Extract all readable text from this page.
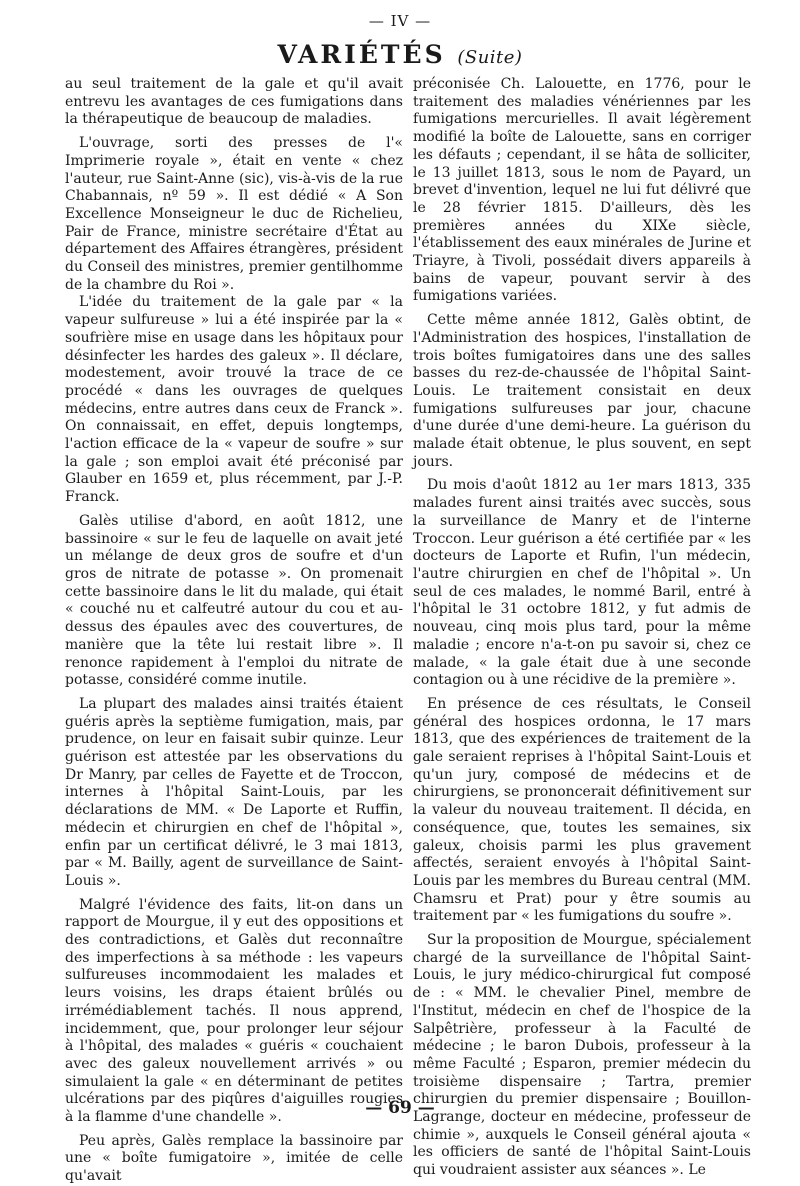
— IV —
VARIÉTÉS (Suite)

au seul traitement de la gale et qu'il avait entrevu les avantages de ces fumigations dans la thérapeutique de beaucoup de maladies.

L'ouvrage, sorti des presses de l'« Imprimerie royale », était en vente « chez l'auteur, rue Saint-Anne (sic), vis-à-vis de la rue Chabannais, nº 59 ». Il est dédié « A Son Excellence Monseigneur le duc de Richelieu, Pair de France, ministre secrétaire d'État au département des Affaires étrangères, président du Conseil des ministres, premier gentilhomme de la chambre du Roi ».

L'idée du traitement de la gale par « la vapeur sulfureuse » lui a été inspirée par la « soufrière mise en usage dans les hôpitaux pour désinfecter les hardes des galeux ». Il déclare, modestement, avoir trouvé la trace de ce procédé « dans les ouvrages de quelques médecins, entre autres dans ceux de Franck ». On connaissait, en effet, depuis longtemps, l'action efficace de la « vapeur de soufre » sur la gale ; son emploi avait été préconisé par Glauber en 1659 et, plus récemment, par J.-P. Franck.

Galès utilise d'abord, en août 1812, une bassinoire « sur le feu de laquelle on avait jeté un mélange de deux gros de soufre et d'un gros de nitrate de potasse ». On promenait cette bassinoire dans le lit du malade, qui était « couché nu et calfeutré autour du cou et au-dessus des épaules avec des couvertures, de manière que la tête lui restait libre ». Il renonce rapidement à l'emploi du nitrate de potasse, considéré comme inutile.

La plupart des malades ainsi traités étaient guéris après la septième fumigation, mais, par prudence, on leur en faisait subir quinze. Leur guérison est attestée par les observations du Dr Manry, par celles de Fayette et de Troccon, internes à l'hôpital Saint-Louis, par les déclarations de MM. « De Laporte et Ruffin, médecin et chirurgien en chef de l'hôpital », enfin par un certificat délivré, le 3 mai 1813, par « M. Bailly, agent de surveillance de Saint-Louis ».

Malgré l'évidence des faits, lit-on dans un rapport de Mourgue, il y eut des oppositions et des contradictions, et Galès dut reconnaître des imperfections à sa méthode : les vapeurs sulfureuses incommodaient les malades et leurs voisins, les draps étaient brûlés ou irrémédiablement tachés. Il nous apprend, incidemment, que, pour prolonger leur séjour à l'hôpital, des malades « guéris « couchaient avec des galeux nouvellement arrivés » ou simulaient la gale « en déterminant de petites ulcérations par des piqûres d'aiguilles rougies à la flamme d'une chandelle ».

Peu après, Galès remplace la bassinoire par une « boîte fumigatoire », imitée de celle qu'avait

préconisée Ch. Lalouette, en 1776, pour le traitement des maladies vénériennes par les fumigations mercurielles. Il avait légèrement modifié la boîte de Lalouette, sans en corriger les défauts ; cependant, il se hâta de solliciter, le 13 juillet 1813, sous le nom de Payard, un brevet d'invention, lequel ne lui fut délivré que le 28 février 1815. D'ailleurs, dès les premières années du XIXe siècle, l'établissement des eaux minérales de Jurine et Triayre, à Tivoli, possédait divers appareils à bains de vapeur, pouvant servir à des fumigations variées.

Cette même année 1812, Galès obtint, de l'Administration des hospices, l'installation de trois boîtes fumigatoires dans une des salles basses du rez-de-chaussée de l'hôpital Saint-Louis. Le traitement consistait en deux fumigations sulfureuses par jour, chacune d'une durée d'une demi-heure. La guérison du malade était obtenue, le plus souvent, en sept jours.

Du mois d'août 1812 au 1er mars 1813, 335 malades furent ainsi traités avec succès, sous la surveillance de Manry et de l'interne Troccon. Leur guérison a été certifiée par « les docteurs de Laporte et Rufin, l'un médecin, l'autre chirurgien en chef de l'hôpital ». Un seul de ces malades, le nommé Baril, entré à l'hôpital le 31 octobre 1812, y fut admis de nouveau, cinq mois plus tard, pour la même maladie ; encore n'a-t-on pu savoir si, chez ce malade, « la gale était due à une seconde contagion ou à une récidive de la première ».

En présence de ces résultats, le Conseil général des hospices ordonna, le 17 mars 1813, que des expériences de traitement de la gale seraient reprises à l'hôpital Saint-Louis et qu'un jury, composé de médecins et de chirurgiens, se prononcerait définitivement sur la valeur du nouveau traitement. Il décida, en conséquence, que, toutes les semaines, six galeux, choisis parmi les plus gravement affectés, seraient envoyés à l'hôpital Saint-Louis par les membres du Bureau central (MM. Chamsru et Prat) pour y être soumis au traitement par « les fumigations du soufre ».

Sur la proposition de Mourgue, spécialement chargé de la surveillance de l'hôpital Saint-Louis, le jury médico-chirurgical fut composé de : « MM. le chevalier Pinel, membre de l'Institut, médecin en chef de l'hospice de la Salpêtrière, professeur à la Faculté de médecine ; le baron Dubois, professeur à la même Faculté ; Esparon, premier médecin du troisième dispensaire ; Tartra, premier chirurgien du premier dispensaire ; Bouillon-Lagrange, docteur en médecine, professeur de chimie », auxquels le Conseil général ajouta « les officiers de santé de l'hôpital Saint-Louis qui voudraient assister aux séances ». Le

— 69 —
